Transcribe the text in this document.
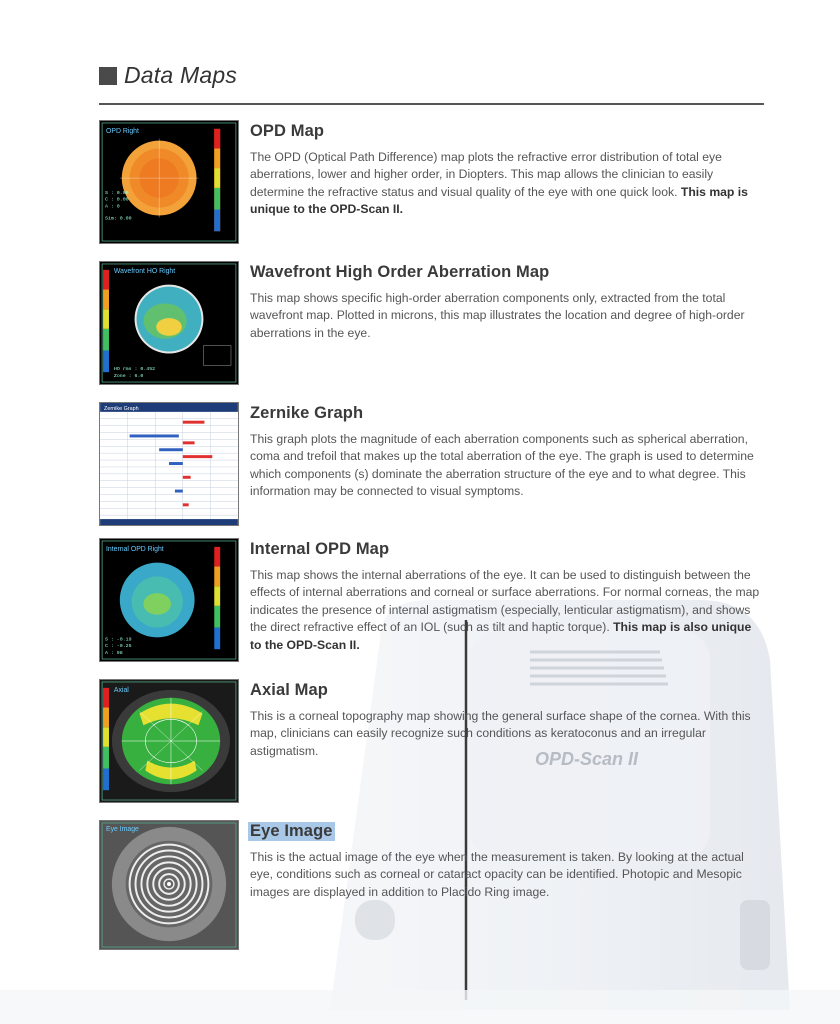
OPD-Scan II
Data Maps
OPD Right
S : 0.00
C : 0.00
A : 0
Sim: 0.00
OPD Map

The OPD (Optical Path Difference) map plots the refractive error distribution of total eye aberrations, lower and higher order, in Diopters. This map allows the clinician to easily determine the refractive status and visual quality of the eye with one quick look. This map is unique to the OPD-Scan II.

Wavefront HO Right
HO rms : 0.452
Zone : 6.0
Wavefront High Order Aberration Map

This map shows specific high-order aberration components only, extracted from the total wavefront map. Plotted in microns, this map illustrates the location and degree of high-order aberrations in the eye.

Zernike Graph	Zernike Graph

This graph plots the magnitude of each aberration components such as spherical aberration, coma and trefoil that makes up the total aberration of the eye. The graph is used to determine which components (s) dominate the aberration structure of the eye and to what degree. This information may be connected to visual symptoms.

Internal OPD Right
S : -0.19
C : -0.25
A : 98
Internal OPD Map

This map shows the internal aberrations of the eye. It can be used to distinguish between the effects of internal aberrations and corneal or surface aberrations. For normal corneas, the map indicates the presence of internal astigmatism (especially, lenticular astigmatism), and shows the direct refractive effect of an IOL (such as tilt and haptic torque). This map is also unique to the OPD-Scan II.

Axial	Axial Map

This is a corneal topography map showing the general surface shape of the cornea. With this map, clinicians can easily recognize such conditions as keratoconus and an irregular astigmatism.

Eye Image	Eye Image

This is the actual image of the eye when the measurement is taken. By looking at the actual eye, conditions such as corneal or cataract opacity can be identified. Photopic and Mesopic images are displayed in addition to Placido Ring image.
